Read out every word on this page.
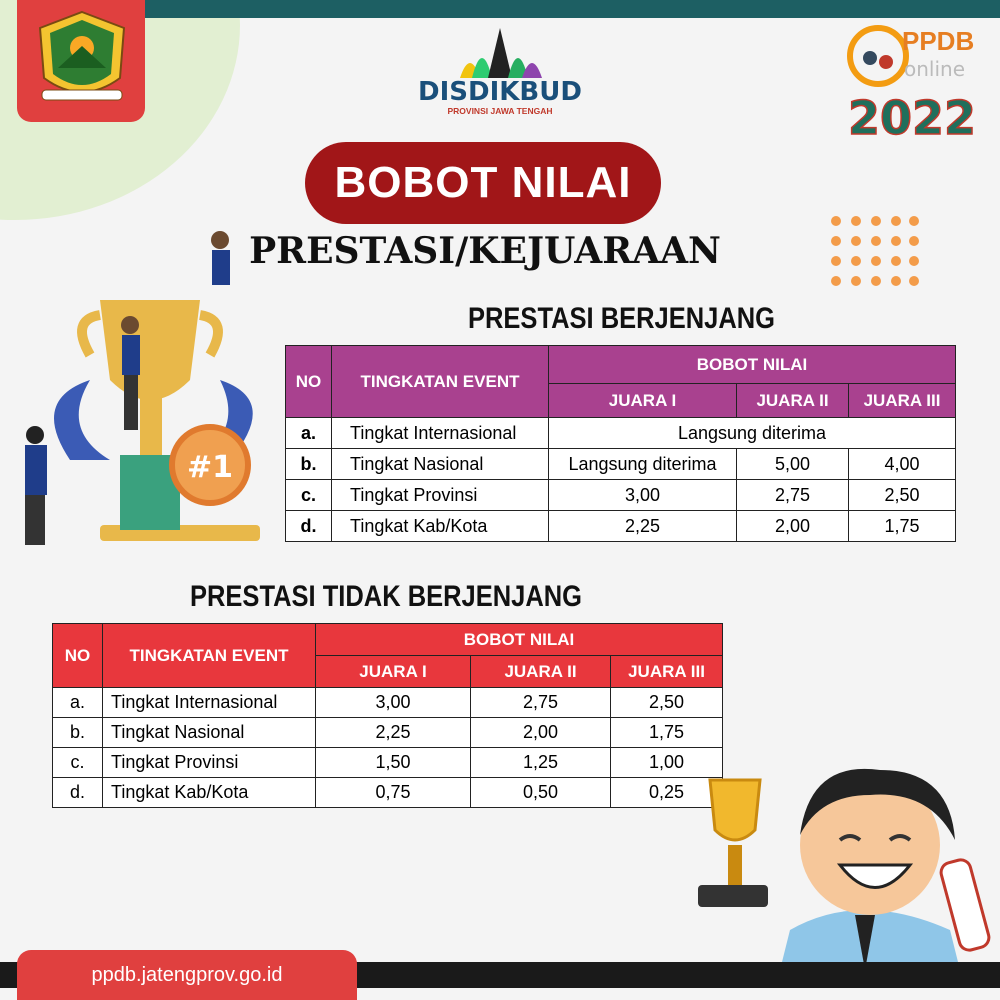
DISDIKBUD
PROVINSI JAWA TENGAH
PPDB
online
2022
BOBOT NILAI
PRESTASI/KEJUARAAN
#1
PRESTASI BERJENJANG
NO	TINGKATAN EVENT	BOBOT NILAI		
		JUARA I	JUARA II	JUARA III
a.	Tingkat Internasional	Langsung diterima		
b.	Tingkat Nasional	Langsung diterima	5,00	4,00
c.	Tingkat Provinsi	3,00	2,75	2,50
d.	Tingkat Kab/Kota	2,25	2,00	1,75
PRESTASI TIDAK BERJENJANG
NO	TINGKATAN EVENT	BOBOT NILAI		
		JUARA I	JUARA II	JUARA III
a.	Tingkat Internasional	3,00	2,75	2,50
b.	Tingkat Nasional	2,25	2,00	1,75
c.	Tingkat Provinsi	1,50	1,25	1,00
d.	Tingkat Kab/Kota	0,75	0,50	0,25
ppdb.jatengprov.go.id
